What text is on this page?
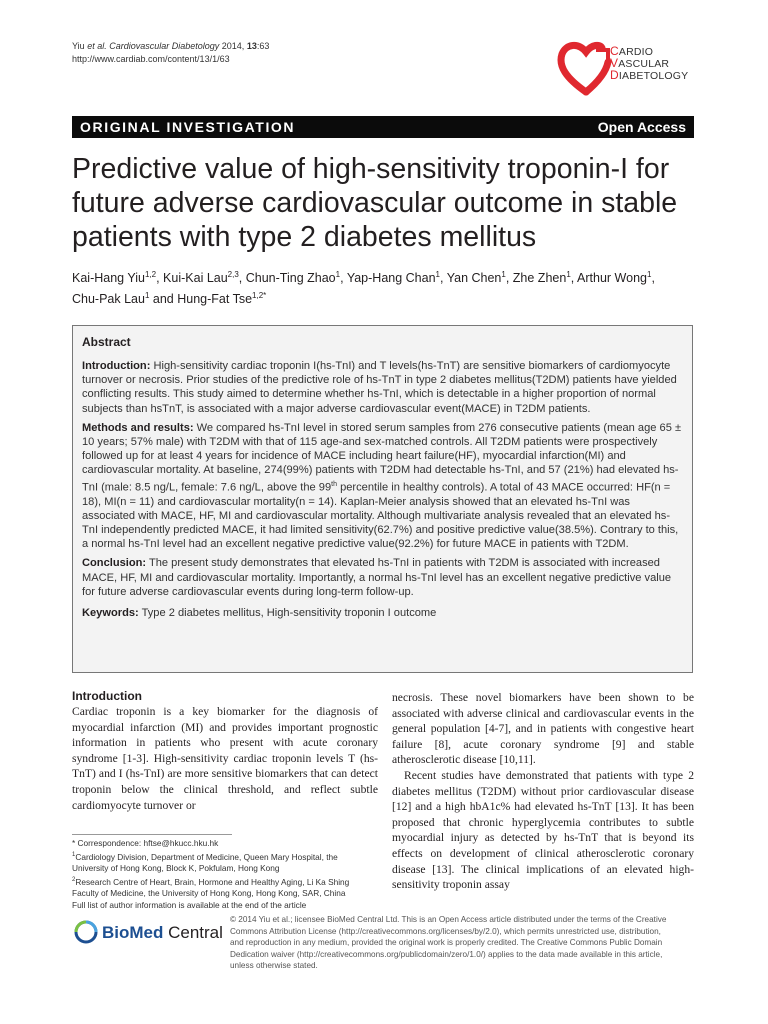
Yiu et al. Cardiovascular Diabetology 2014, 13:63
http://www.cardiab.com/content/13/1/63
CARDIO
VASCULAR
DIABETOLOGY
ORIGINAL INVESTIGATION	Open Access
Predictive value of high-sensitivity troponin-I for future adverse cardiovascular outcome in stable patients with type 2 diabetes mellitus
Kai-Hang Yiu$^{1,2}$, Kui-Kai Lau$^{2,3}$, Chun-Ting Zhao$^1$, Yap-Hang Chan$^1$, Yan Chen$^1$, Zhe Zhen$^1$, Arthur Wong$^1$,
Chu-Pak Lau$^1$ and Hung-Fat Tse$^{1,2*}$
Abstract

Introduction: High-sensitivity cardiac troponin I(hs-TnI) and T levels(hs-TnT) are sensitive biomarkers of cardiomyocyte turnover or necrosis. Prior studies of the predictive role of hs-TnT in type 2 diabetes mellitus(T2DM) patients have yielded conflicting results. This study aimed to determine whether hs-TnI, which is detectable in a higher proportion of normal subjects than hsTnT, is associated with a major adverse cardiovascular event(MACE) in T2DM patients.

Methods and results: We compared hs-TnI level in stored serum samples from 276 consecutive patients (mean age 65 ± 10 years; 57% male) with T2DM with that of 115 age-and sex-matched controls. All T2DM patients were prospectively followed up for at least 4 years for incidence of MACE including heart failure(HF), myocardial infarction(MI) and cardiovascular mortality. At baseline, 274(99%) patients with T2DM had detectable hs-TnI, and 57 (21%) had elevated hs-TnI (male: 8.5 ng/L, female: 7.6 ng/L, above the 99th percentile in healthy controls). A total of 43 MACE occurred: HF(n = 18), MI(n = 11) and cardiovascular mortality(n = 14). Kaplan-Meier analysis showed that an elevated hs-TnI was associated with MACE, HF, MI and cardiovascular mortality. Although multivariate analysis revealed that an elevated hs-TnI independently predicted MACE, it had limited sensitivity(62.7%) and positive predictive value(38.5%). Contrary to this, a normal hs-TnI level had an excellent negative predictive value(92.2%) for future MACE in patients with T2DM.

Conclusion: The present study demonstrates that elevated hs-TnI in patients with T2DM is associated with increased MACE, HF, MI and cardiovascular mortality. Importantly, a normal hs-TnI level has an excellent negative predictive value for future adverse cardiovascular events during long-term follow-up.

Keywords: Type 2 diabetes mellitus, High-sensitivity troponin I outcome

Introduction

Cardiac troponin is a key biomarker for the diagnosis of myocardial infarction (MI) and provides important prognostic information in patients who present with acute coronary syndrome [1-3]. High-sensitivity cardiac troponin levels T (hs-TnT) and I (hs-TnI) are more sensitive biomarkers that can detect troponin below the clinical threshold, and reflect subtle cardiomyocyte turnover or

necrosis. These novel biomarkers have been shown to be associated with adverse clinical and cardiovascular events in the general population [4-7], and in patients with congestive heart failure [8], acute coronary syndrome [9] and stable atherosclerotic disease [10,11].

Recent studies have demonstrated that patients with type 2 diabetes mellitus (T2DM) without prior cardiovascular disease [12] and a high hbA1c% had elevated hs-TnT [13]. It has been proposed that chronic hyperglycemia contributes to subtle myocardial injury as detected by hs-TnT that is beyond its effects on development of clinical atherosclerotic coronary disease [13]. The clinical implications of an elevated high-sensitivity troponin assay

* Correspondence: hftse@hkucc.hku.hk

$^1$Cardiology Division, Department of Medicine, Queen Mary Hospital, the University of Hong Kong, Block K, Pokfulam, Hong Kong

$^2$Research Centre of Heart, Brain, Hormone and Healthy Aging, Li Ka Shing Faculty of Medicine, the University of Hong Kong, Hong Kong, SAR, China

Full list of author information is available at the end of the article

BioMed Central
© 2014 Yiu et al.; licensee BioMed Central Ltd. This is an Open Access article distributed under the terms of the Creative Commons Attribution License (http://creativecommons.org/licenses/by/2.0), which permits unrestricted use, distribution, and reproduction in any medium, provided the original work is properly credited. The Creative Commons Public Domain Dedication waiver (http://creativecommons.org/publicdomain/zero/1.0/) applies to the data made available in this article, unless otherwise stated.
